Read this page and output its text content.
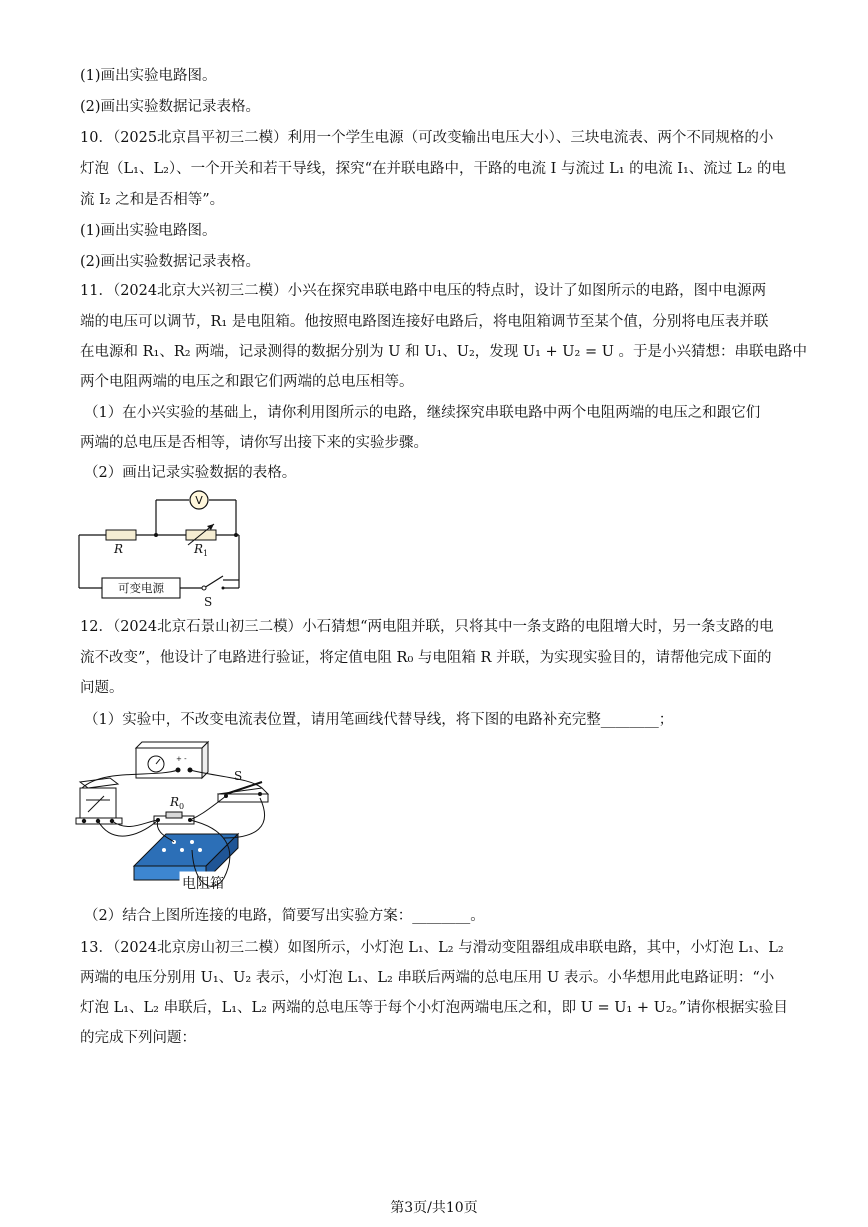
(1)画出实验电路图。
(2)画出实验数据记录表格。
10．（2025北京昌平初三二模）利用一个学生电源（可改变输出电压大小）、三块电流表、两个不同规格的小
灯泡（L₁、L₂）、一个开关和若干导线，探究“在并联电路中，干路的电流 I 与流过 L₁ 的电流 I₁、流过 L₂ 的电
流 I₂ 之和是否相等”。
(1)画出实验电路图。
(2)画出实验数据记录表格。
11．（2024北京大兴初三二模）小兴在探究串联电路中电压的特点时，设计了如图所示的电路，图中电源两
端的电压可以调节，R₁ 是电阻箱。他按照电路图连接好电路后，将电阻箱调节至某个值，分别将电压表并联
在电源和 R₁、R₂ 两端，记录测得的数据分别为 U 和 U₁、U₂，发现 U₁ + U₂ = U 。于是小兴猜想：串联电路中
两个电阻两端的电压之和跟它们两端的总电压相等。
（1）在小兴实验的基础上，请你利用图所示的电路，继续探究串联电路中两个电阻两端的电压之和跟它们
两端的总电压是否相等，请你写出接下来的实验步骤。
（2）画出记录实验数据的表格。
V
可变电源
R	R 1
S
12．（2024北京石景山初三二模）小石猜想“两电阻并联，只将其中一条支路的电阻增大时，另一条支路的电
流不改变”，他设计了电路进行验证，将定值电阻 R₀ 与电阻箱 R 并联，为实现实验目的，请帮他完成下面的
问题。
（1）实验中，不改变电流表位置，请用笔画线代替导线，将下图的电路补充完整________；
+ -
S
R 0
电阻箱
（2）结合上图所连接的电路，简要写出实验方案：________。
13．（2024北京房山初三二模）如图所示，小灯泡 L₁、L₂ 与滑动变阻器组成串联电路，其中，小灯泡 L₁、L₂
两端的电压分别用 U₁、U₂ 表示，小灯泡 L₁、L₂ 串联后两端的总电压用 U 表示。小华想用此电路证明：“小
灯泡 L₁、L₂ 串联后，L₁、L₂ 两端的总电压等于每个小灯泡两端电压之和，即 U = U₁ + U₂。”请你根据实验目
的完成下列问题：
第3页/共10页
